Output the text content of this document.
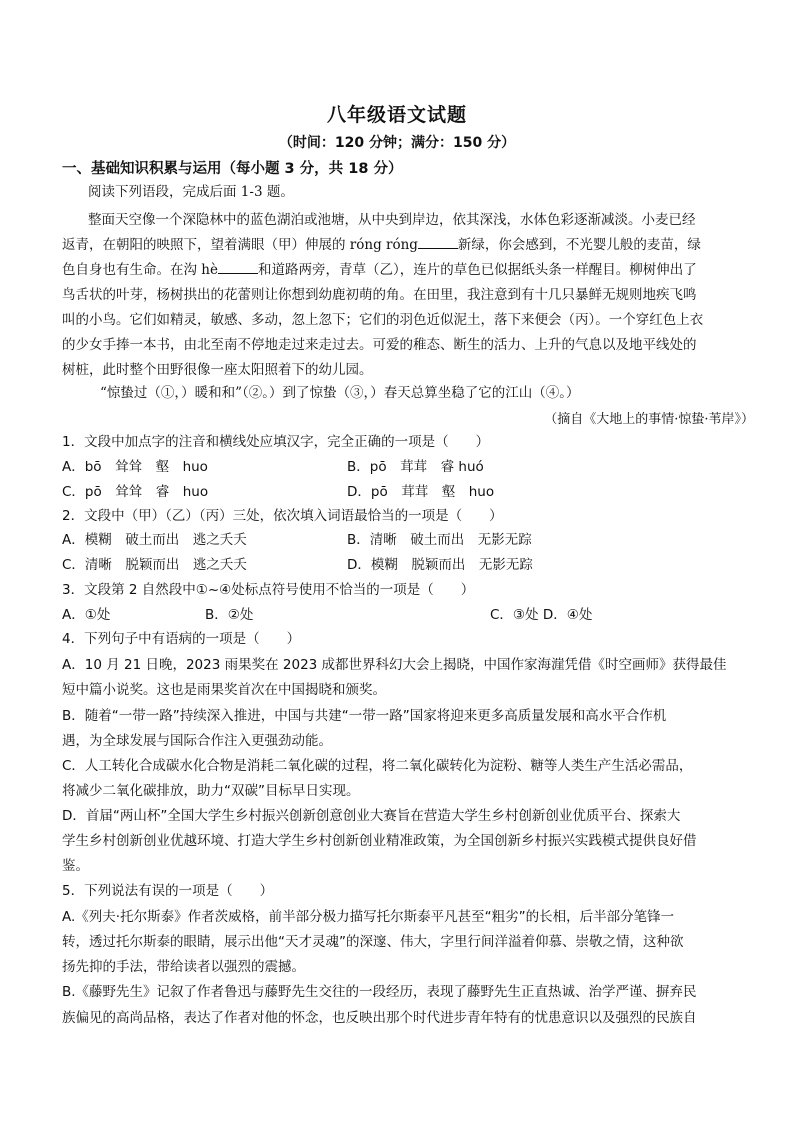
八年级语文试题
（时间：120 分钟；满分：150 分）
一、基础知识积累与运用（每小题 3 分，共 18 分）
阅读下列语段，完成后面 1-3 题。
整面天空像一个深隐林中的蓝色湖泊或池塘，从中央到岸边，依其深浅，水体色彩逐渐减淡。小麦已经
返青，在朝阳的映照下，望着满眼（甲）伸展的 róng róng	新绿，你会感到，不光婴儿般的麦苗，绿
色自身也有生命。在沟 hè	和道路两旁，青草（乙），连片的草色已似据纸头条一样醒目。柳树伸出了
鸟舌状的叶芽，杨树拱出的花蕾则让你想到幼鹿初萌的角。在田里，我注意到有十几只暴鲜无规则地疾飞鸣
叫的小鸟。它们如精灵，敏感、多动，忽上忽下；它们的羽色近似泥土，落下来便会（丙）。一个穿红色上衣
的少女手捧一本书，由北至南不停地走过来走过去。可爱的稚态、断生的活力、上升的气息以及地平线处的
树桩，此时整个田野很像一座太阳照着下的幼儿园。
“惊蛰过（①，）暖和和”（②。）到了惊蛰（③，）春天总算坐稳了它的江山（④。）
（摘自《大地上的事情·惊蛰·苇岸》）
1．文段中加点字的注音和横线处应填汉字，完全正确的一项是（　　）
A．bō　耸耸　壑　huo	B．pō　茸茸　睿 huó
C．pō　耸耸　睿　huo	D．pō　茸茸　壑　huo
2．文段中（甲）（乙）（丙）三处，依次填入词语最恰当的一项是（　　）
A．模糊　破土而出　逃之夭夭	B．清晰　破土而出　无影无踪
C．清晰　脱颖而出　逃之夭夭	D．模糊　脱颖而出　无影无踪
3．文段第 2 自然段中①~④处标点符号使用不恰当的一项是（　　）
A．①处	B．②处	C．③处 D．④处
4．下列句子中有语病的一项是（　　）
A．10 月 21 日晚，2023 雨果奖在 2023 成都世界科幻大会上揭晓，中国作家海漄凭借《时空画师》获得最佳
短中篇小说奖。这也是雨果奖首次在中国揭晓和颁奖。
B．随着“一带一路”持续深入推进，中国与共建“一带一路”国家将迎来更多高质量发展和高水平合作机
遇，为全球发展与国际合作注入更强劲动能。
C．人工转化合成碳水化合物是消耗二氧化碳的过程，将二氧化碳转化为淀粉、糖等人类生产生活必需品，
将减少二氧化碳排放，助力“双碳”目标早日实现。
D．首届“两山杯”全国大学生乡村振兴创新创意创业大赛旨在营造大学生乡村创新创业优质平台、探索大
学生乡村创新创业优越环境、打造大学生乡村创新创业精准政策，为全国创新乡村振兴实践模式提供良好借
鉴。
5．下列说法有误的一项是（　　）
A.《列夫·托尔斯泰》作者茨威格，前半部分极力描写托尔斯泰平凡甚至“粗劣”的长相，后半部分笔锋一
转，透过托尔斯泰的眼睛，展示出他“天才灵魂”的深邃、伟大，字里行间洋溢着仰慕、崇敬之情，这种欲
扬先抑的手法，带给读者以强烈的震撼。
B.《藤野先生》记叙了作者鲁迅与藤野先生交往的一段经历，表现了藤野先生正直热诚、治学严谨、摒弃民
族偏见的高尚品格，表达了作者对他的怀念，也反映出那个时代进步青年特有的忧患意识以及强烈的民族自
